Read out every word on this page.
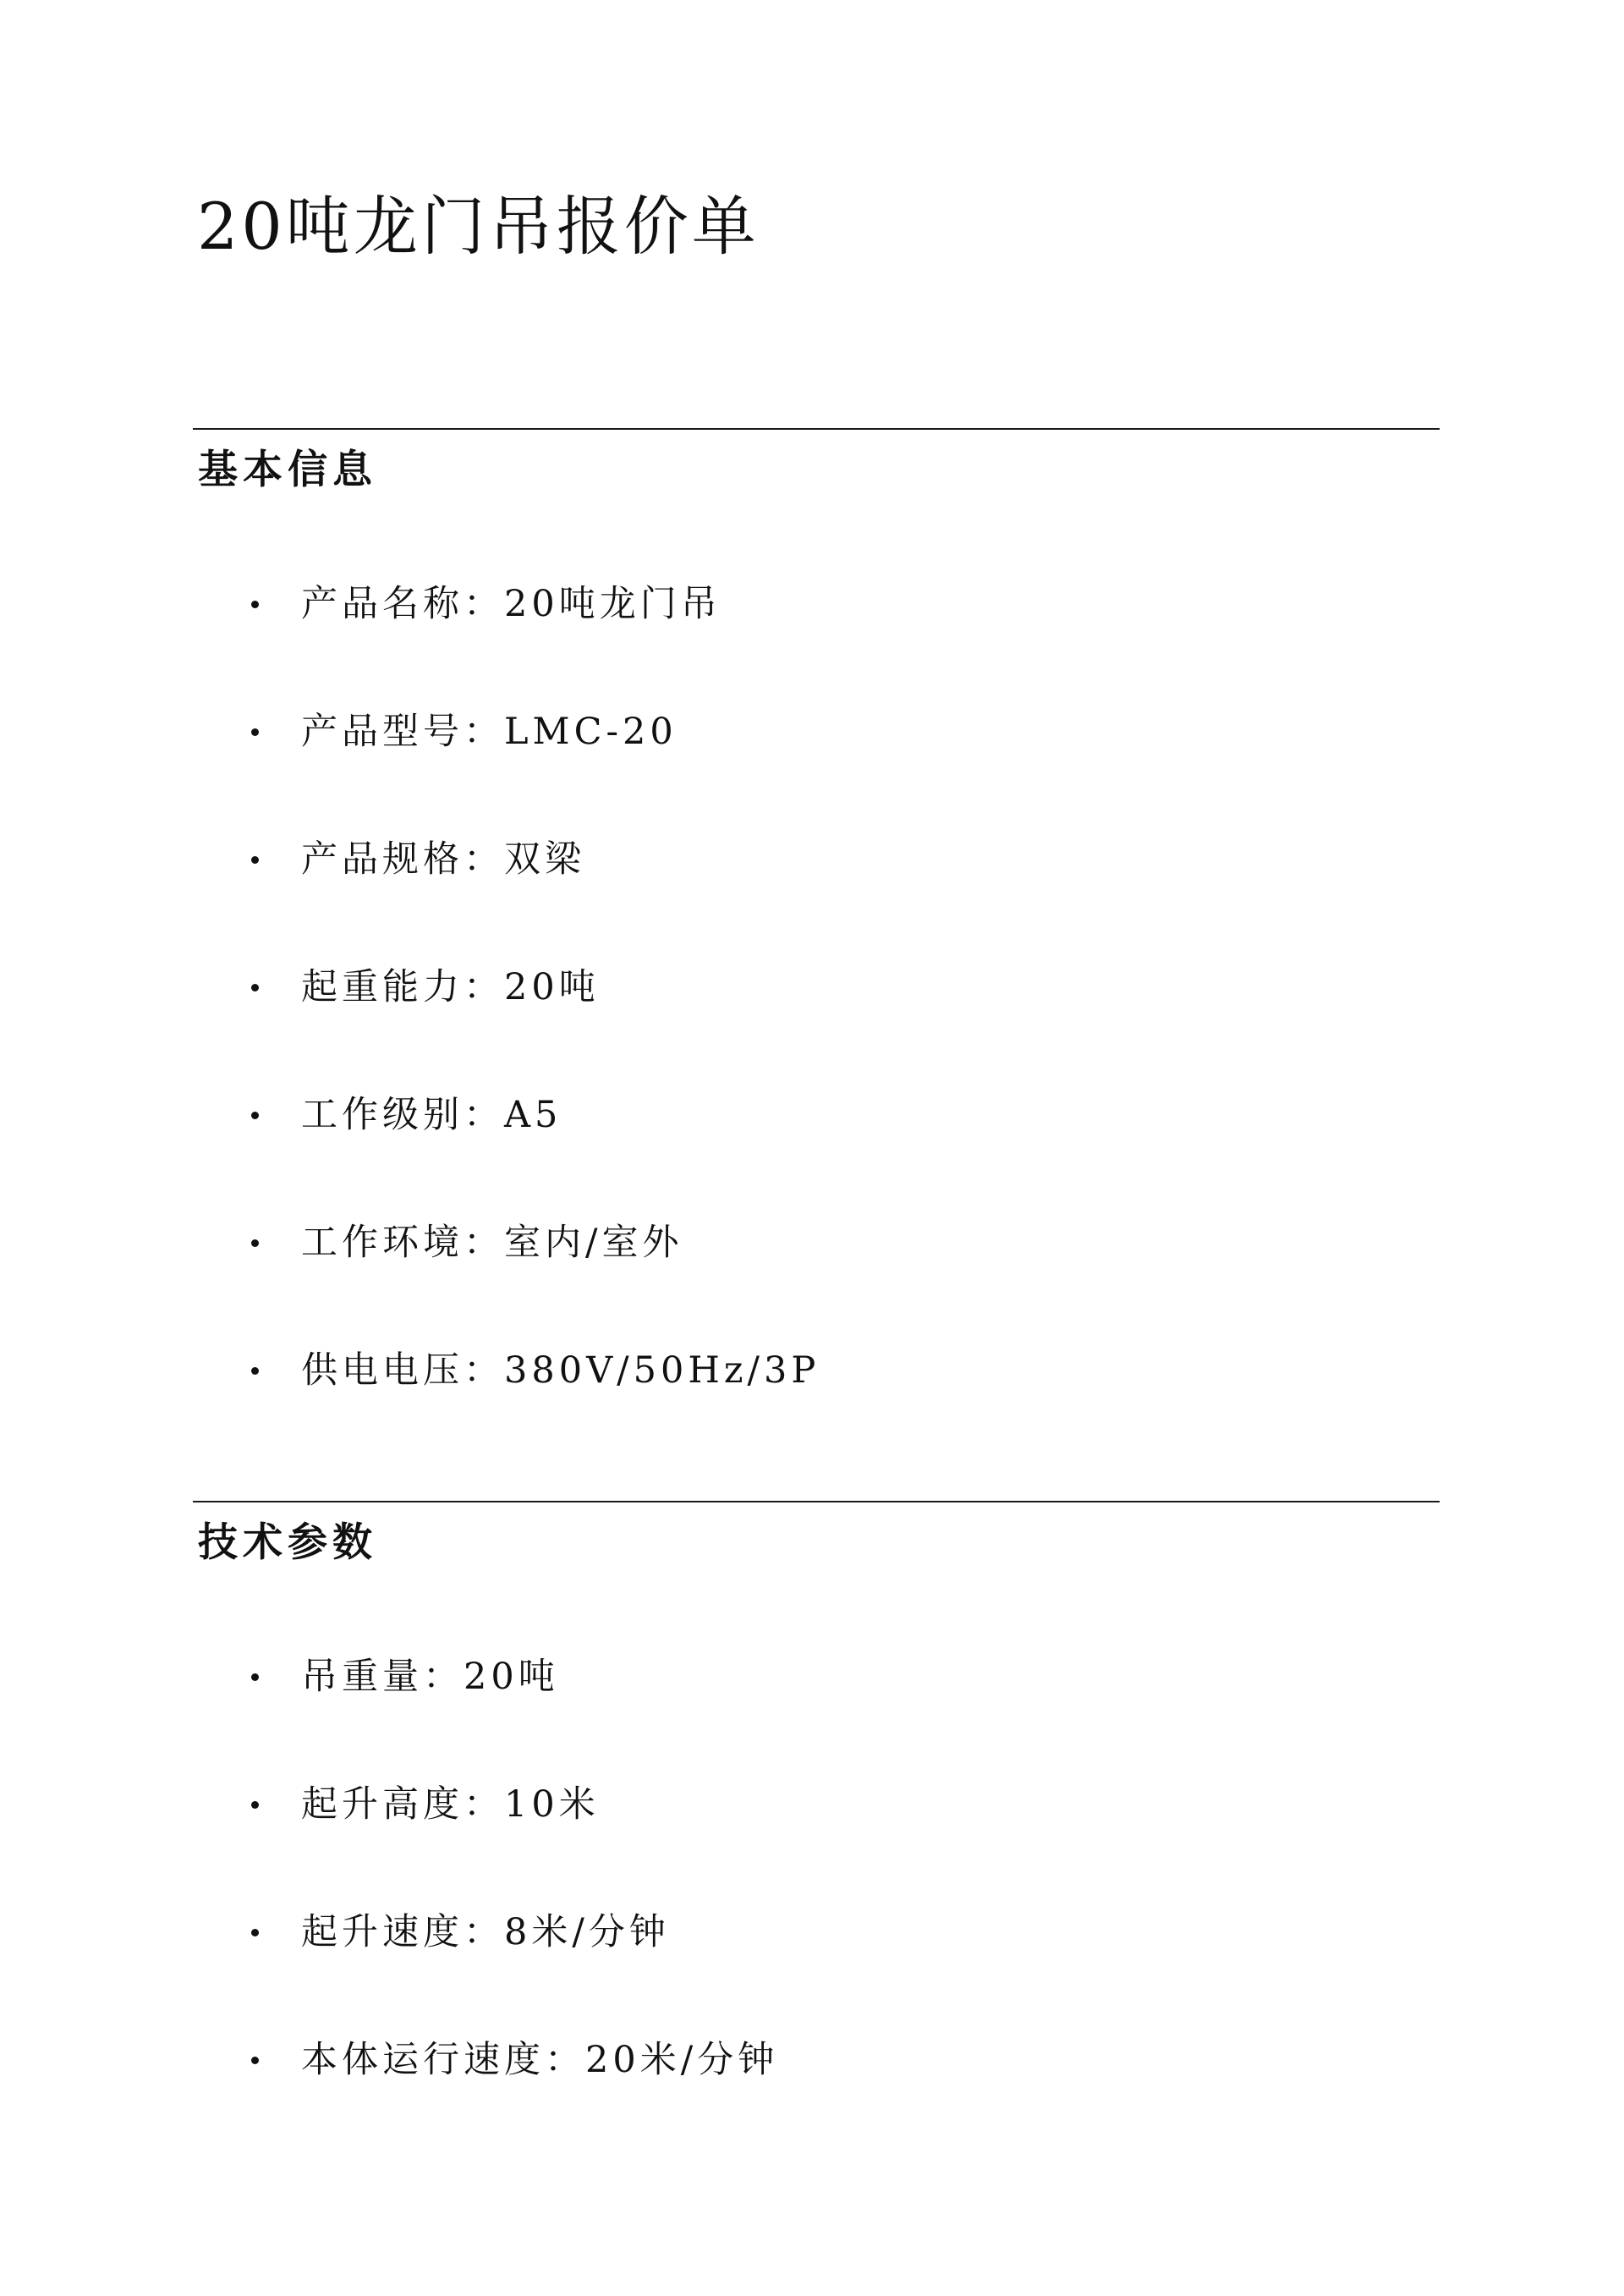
20吨龙门吊报价单
基本信息
产品名称：20吨龙门吊
产品型号：LMC-20
产品规格：双梁
起重能力：20吨
工作级别：A5
工作环境：室内/室外
供电电压：380V/50Hz/3P
技术参数
吊重量：20吨
起升高度：10米
起升速度：8米/分钟
本体运行速度：20米/分钟
